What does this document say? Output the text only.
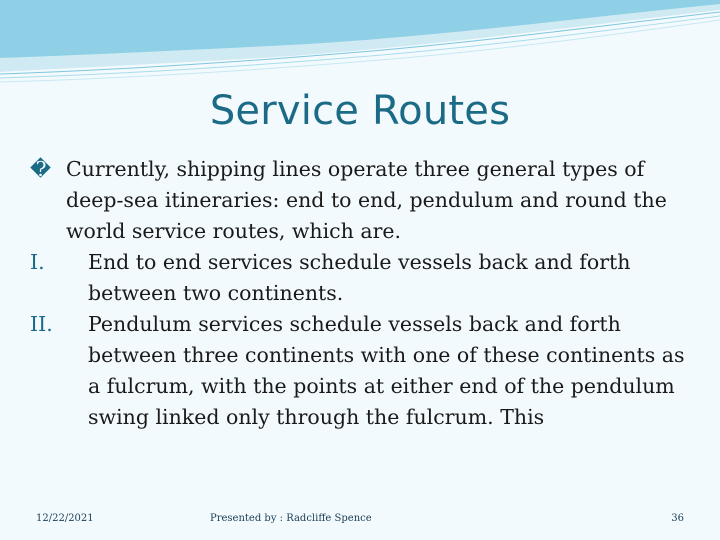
Service Routes
� Currently, shipping lines operate three general types of deep-sea itineraries: end to end, pendulum and round the world service routes, which are.
I. End to end services schedule vessels back and forth between two continents.
II. Pendulum services schedule vessels back and forth between three continents with one of these continents as a fulcrum, with the points at either end of the pendulum swing linked only through the fulcrum. This
12/22/2021	Presented by : Radcliffe Spence	36
